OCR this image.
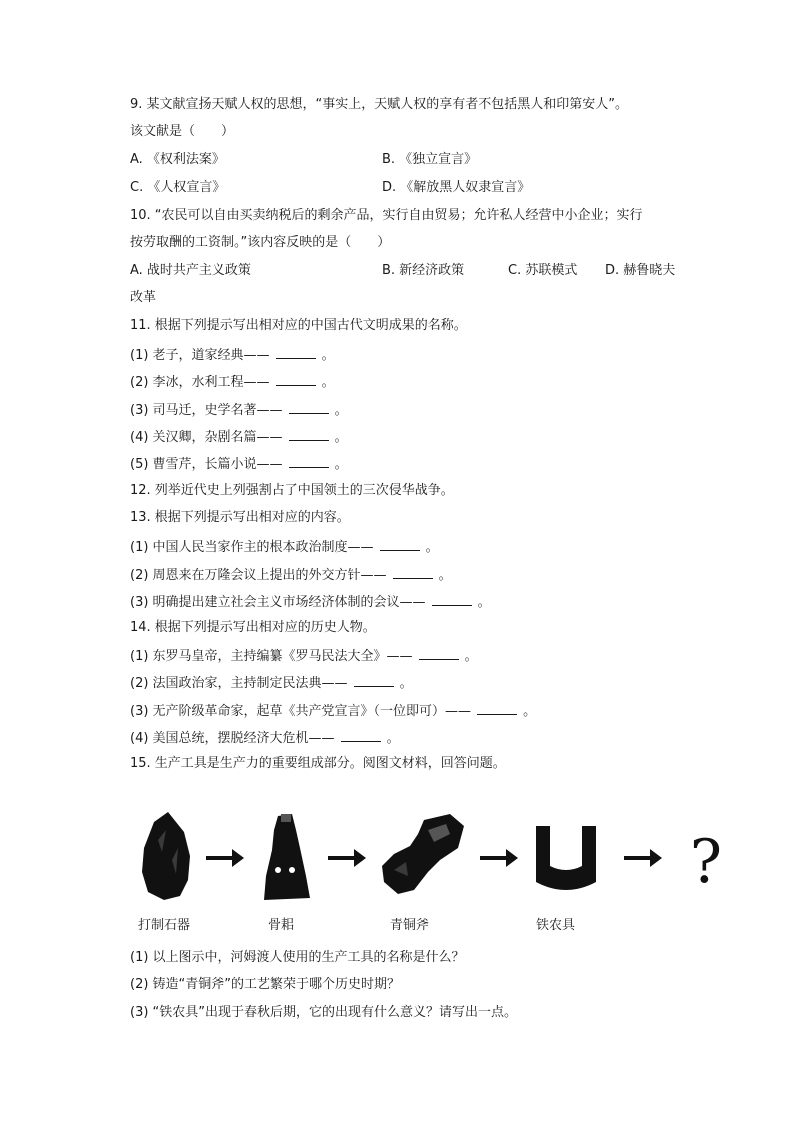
9. 某文献宣扬天赋人权的思想，“事实上，天赋人权的享有者不包括黑人和印第安人”。
该文献是（　　）
A. 《权利法案》	B. 《独立宣言》
C. 《人权宣言》	D. 《解放黑人奴隶宣言》
10. “农民可以自由买卖纳税后的剩余产品，实行自由贸易；允许私人经营中小企业；实行
按劳取酬的工资制。”该内容反映的是（　　）
A. 战时共产主义政策	B. 新经济政策	C. 苏联模式 D. 赫鲁晓夫
改革
11. 根据下列提示写出相对应的中国古代文明成果的名称。
(1) 老子，道家经典——	。
(2) 李冰，水利工程——	。
(3) 司马迁，史学名著——	。
(4) 关汉卿，杂剧名篇——	。
(5) 曹雪芹，长篇小说——	。
12. 列举近代史上列强割占了中国领土的三次侵华战争。
13. 根据下列提示写出相对应的内容。
(1) 中国人民当家作主的根本政治制度——	。
(2) 周恩来在万隆会议上提出的外交方针——	。
(3) 明确提出建立社会主义市场经济体制的会议——	。
14. 根据下列提示写出相对应的历史人物。
(1) 东罗马皇帝，主持编纂《罗马民法大全》——	。
(2) 法国政治家，主持制定民法典——	。
(3) 无产阶级革命家，起草《共产党宣言》（一位即可）——	。
(4) 美国总统，摆脱经济大危机——	。
15. 生产工具是生产力的重要组成部分。阅图文材料，回答问题。
?
打制石器	骨耜	青铜斧	铁农具
(1) 以上图示中，河姆渡人使用的生产工具的名称是什么？
(2) 铸造“青铜斧”的工艺繁荣于哪个历史时期？
(3) “铁农具”出现于春秋后期，它的出现有什么意义？请写出一点。
